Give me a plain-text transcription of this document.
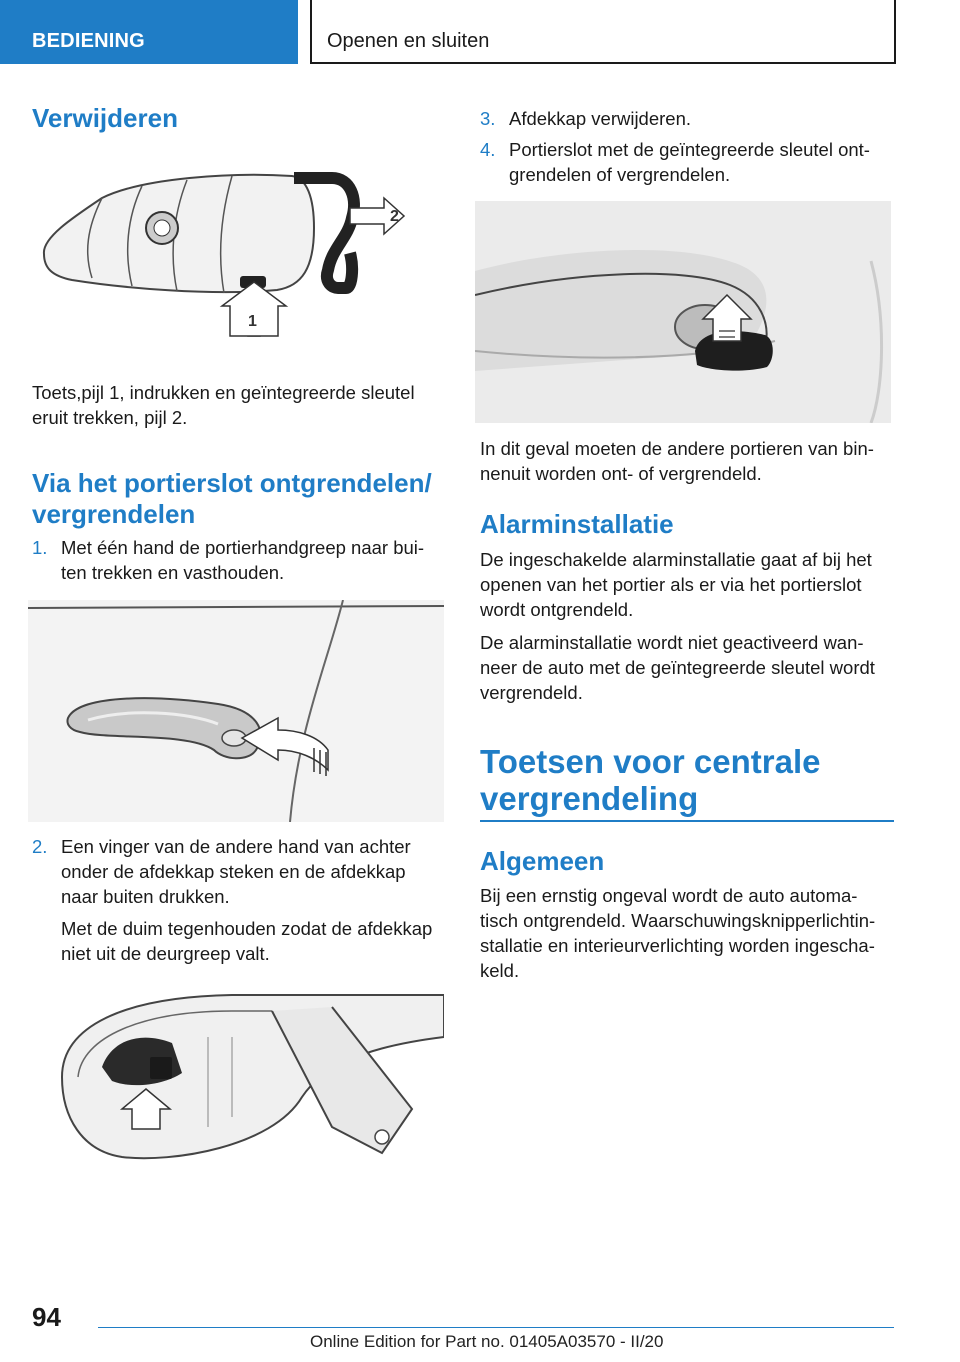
BEDIENING	Openen en sluiten
Verwijderen
2
1

Toets,pijl 1, indrukken en geïntegreerde sleutel
eruit trekken, pijl 2.

Via het portierslot ontgrendelen/
vergrendelen
1. Met één hand de portierhandgreep naar bui-
ten trekken en vasthouden.
2. Een vinger van de andere hand van achter
onder de afdekkap steken en de afdekkap
naar buiten drukken.

Met de duim tegenhouden zodat de afdekkap
niet uit de deurgreep valt.

3. Afdekkap verwijderen.
4. Portierslot met de geïntegreerde sleutel ont-
grendelen of vergrendelen.

In dit geval moeten de andere portieren van bin-
nenuit worden ont- of vergrendeld.

Alarminstallatie

De ingeschakelde alarminstallatie gaat af bij het
openen van het portier als er via het portierslot
wordt ontgrendeld.

De alarminstallatie wordt niet geactiveerd wan-
neer de auto met de geïntegreerde sleutel wordt
vergrendeld.

Toetsen voor centrale
vergrendeling
Algemeen

Bij een ernstig ongeval wordt de auto automa-
tisch ontgrendeld. Waarschuwingsknipperlichtin-
stallatie en interieurverlichting worden ingescha-
keld.

94
Online Edition for Part no. 01405A03570 - II/20
